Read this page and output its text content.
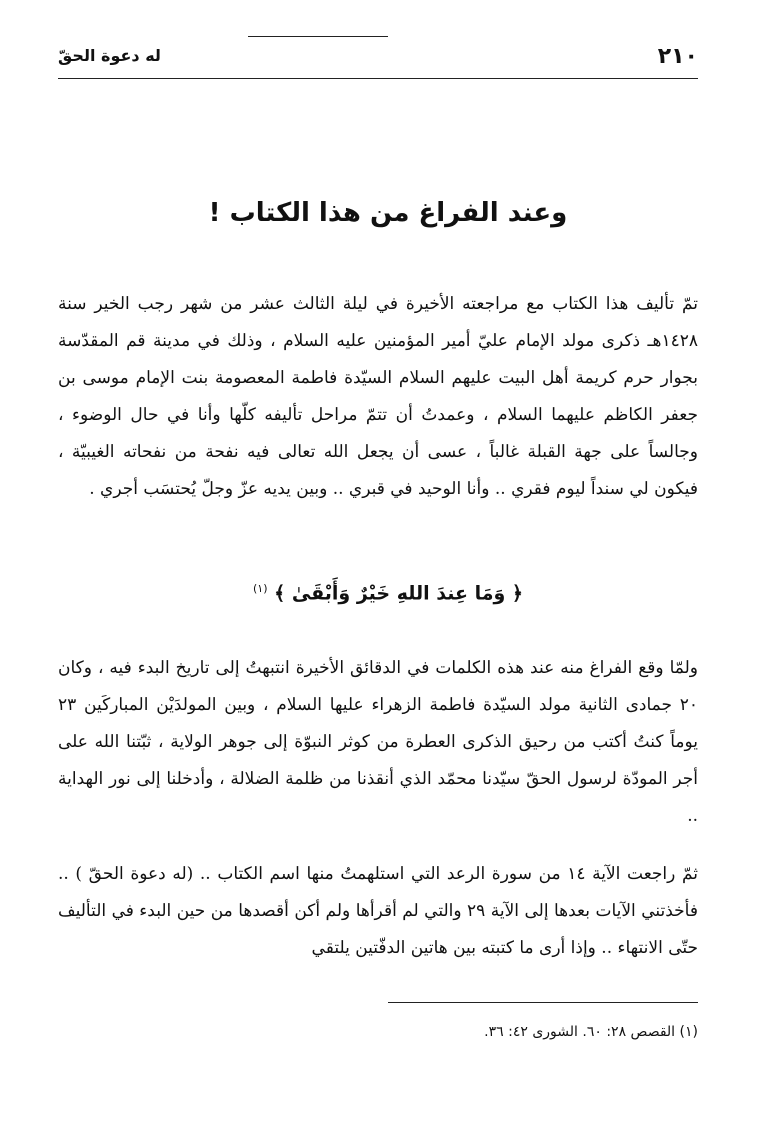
٢١٠
له دعوة الحقّ
وعند الفراغ من هذا الكتاب !

تمّ تأليف هذا الكتاب مع مراجعته الأخيرة في ليلة الثالث عشر من شهر رجب الخير سنة ١٤٢٨هـ ذكرى مولد الإمام عليّ أمير المؤمنين عليه السلام ، وذلك في مدينة قم المقدّسة بجوار حرم كريمة أهل البيت عليهم السلام السيّدة فاطمة المعصومة بنت الإمام موسى بن جعفر الكاظم عليهما السلام ، وعمدتُ أن تتمّ مراحل تأليفه كلّها وأنا في حال الوضوء ، وجالساً على جهة القبلة غالباً ، عسى أن يجعل الله تعالى فيه نفحة من نفحاته الغيبيّة ، فيكون لي سنداً ليوم فقري .. وأنا الوحيد في قبري .. وبين يديه عزّ وجلّ يُحتسَب أجري .

﴿ وَمَا عِندَ اللهِ خَيْرٌ وَأَبْقَىٰ ﴾ $^{(١)}$

ولمّا وقع الفراغ منه عند هذه الكلمات في الدقائق الأخيرة انتبهتُ إلى تاريخ البدء فيه ، وكان ٢٠ جمادى الثانية مولد السيّدة فاطمة الزهراء عليها السلام ، وبين المولدَيْن المباركَين ٢٣ يوماً كنتُ أكتب من رحيق الذكرى العطرة من كوثر النبوّة إلى جوهر الولاية ، ثبّتنا الله على أجر المودّة لرسول الحقّ سيّدنا محمّد الذي أنقذنا من ظلمة الضلالة ، وأدخلنا إلى نور الهداية ..

ثمّ راجعت الآية ١٤ من سورة الرعد التي استلهمتُ منها اسم الكتاب .. (له دعوة الحقّ ) .. فأخذتني الآيات بعدها إلى الآية ٢٩ والتي لم أقرأها ولم أكن أقصدها من حين البدء في التأليف حتّى الانتهاء .. وإذا أرى ما كتبته بين هاتين الدفّتين يلتقي

(١) القصص ٢٨: ٦٠. الشورى ٤٢: ٣٦.
